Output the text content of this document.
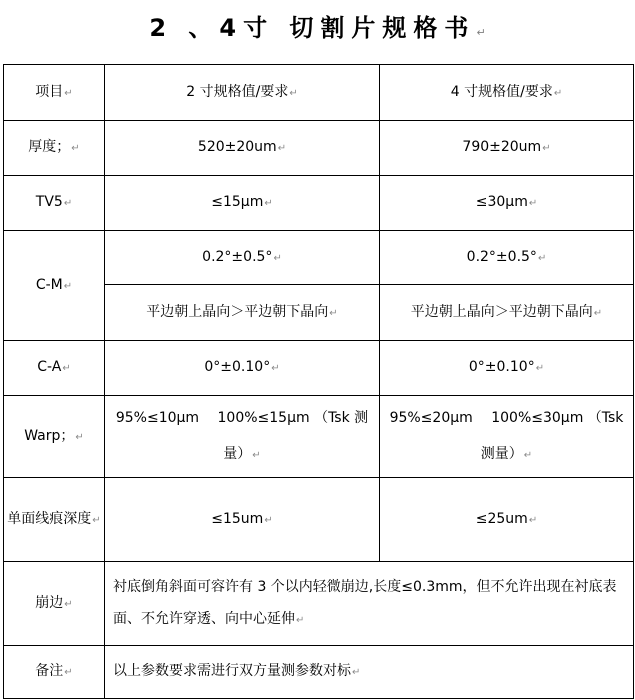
2 、4寸 切割片规格书↵
项目↵	2 寸规格值/要求↵	4 寸规格值/要求↵
厚度；↵	520±20um↵	790±20um↵
TV5↵	≤15μm↵	≤30μm↵
C-M↵	0.2°±0.5°↵	0.2°±0.5°↵
	平边朝上晶向＞平边朝下晶向↵	平边朝上晶向＞平边朝下晶向↵
C-A↵	0°±0.10°↵	0°±0.10°↵
Warp；↵	95%≤10μm　 100%≤15μm （Tsk 测量）↵	95%≤20μm　 100%≤30μm （Tsk 测量）↵
单面线痕深度↵	≤15um↵	≤25um↵
崩边↵	衬底倒角斜面可容许有 3 个以内轻微崩边,长度≤0.3mm，但不允许出现在衬底表面、不允许穿透、向中心延伸↵	
备注↵	以上参数要求需进行双方量测参数对标↵	
